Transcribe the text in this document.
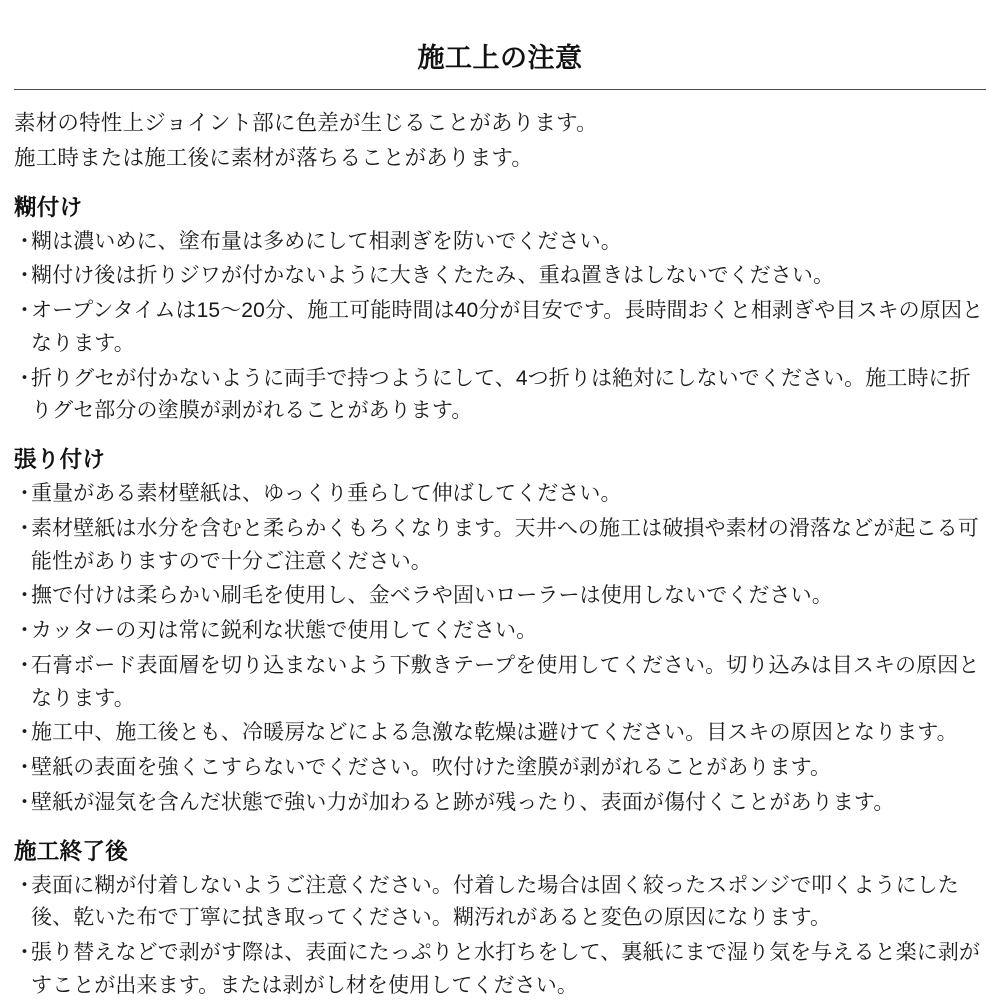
施工上の注意
素材の特性上ジョイント部に色差が生じることがあります。
施工時または施工後に素材が落ちることがあります。
糊付け
・
糊は濃いめに、塗布量は多めにして相剥ぎを防いでください。
・
糊付け後は折りジワが付かないように大きくたたみ、重ね置きはしないでください。
・
オープンタイムは15〜20分、施工可能時間は40分が目安です。長時間おくと相剥ぎや目スキの原因となります。
・
折りグセが付かないように両手で持つようにして、4つ折りは絶対にしないでください。施工時に折りグセ部分の塗膜が剥がれることがあります。
張り付け
・
重量がある素材壁紙は、ゆっくり垂らして伸ばしてください。
・
素材壁紙は水分を含むと柔らかくもろくなります。天井への施工は破損や素材の滑落などが起こる可能性がありますので十分ご注意ください。
・
撫で付けは柔らかい刷毛を使用し、金ベラや固いローラーは使用しないでください。
・
カッターの刃は常に鋭利な状態で使用してください。
・
石膏ボード表面層を切り込まないよう下敷きテープを使用してください。切り込みは目スキの原因となります。
・
施工中、施工後とも、冷暖房などによる急激な乾燥は避けてください。目スキの原因となります。
・
壁紙の表面を強くこすらないでください。吹付けた塗膜が剥がれることがあります。
・
壁紙が湿気を含んだ状態で強い力が加わると跡が残ったり、表面が傷付くことがあります。
施工終了後
・
表面に糊が付着しないようご注意ください。付着した場合は固く絞ったスポンジで叩くようにした後、乾いた布で丁寧に拭き取ってください。糊汚れがあると変色の原因になります。
・
張り替えなどで剥がす際は、表面にたっぷりと水打ちをして、裏紙にまで湿り気を与えると楽に剥がすことが出来ます。または剥がし材を使用してください。
